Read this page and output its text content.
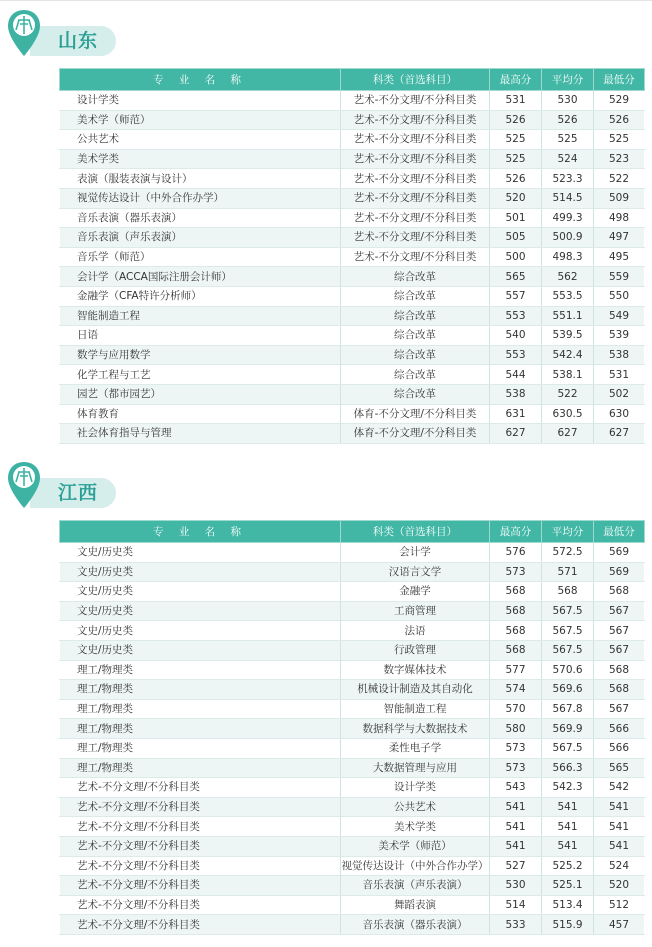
山东
专 业 名 称	科类（首选科目）	最高分	平均分	最低分
设计学类	艺术-不分文理/不分科目类	531	530	529
美术学（师范）	艺术-不分文理/不分科目类	526	526	526
公共艺术	艺术-不分文理/不分科目类	525	525	525
美术学类	艺术-不分文理/不分科目类	525	524	523
表演（服装表演与设计）	艺术-不分文理/不分科目类	526	523.3	522
视觉传达设计（中外合作办学）	艺术-不分文理/不分科目类	520	514.5	509
音乐表演（器乐表演）	艺术-不分文理/不分科目类	501	499.3	498
音乐表演（声乐表演）	艺术-不分文理/不分科目类	505	500.9	497
音乐学（师范）	艺术-不分文理/不分科目类	500	498.3	495
会计学（ACCA国际注册会计师）	综合改革	565	562	559
金融学（CFA特许分析师）	综合改革	557	553.5	550
智能制造工程	综合改革	553	551.1	549
日语	综合改革	540	539.5	539
数学与应用数学	综合改革	553	542.4	538
化学工程与工艺	综合改革	544	538.1	531
园艺（都市园艺）	综合改革	538	522	502
体育教育	体育-不分文理/不分科目类	631	630.5	630
社会体育指导与管理	体育-不分文理/不分科目类	627	627	627
江西
专 业 名 称	科类（首选科目）	最高分	平均分	最低分
文史/历史类	会计学	576	572.5	569
文史/历史类	汉语言文学	573	571	569
文史/历史类	金融学	568	568	568
文史/历史类	工商管理	568	567.5	567
文史/历史类	法语	568	567.5	567
文史/历史类	行政管理	568	567.5	567
理工/物理类	数字媒体技术	577	570.6	568
理工/物理类	机械设计制造及其自动化	574	569.6	568
理工/物理类	智能制造工程	570	567.8	567
理工/物理类	数据科学与大数据技术	580	569.9	566
理工/物理类	柔性电子学	573	567.5	566
理工/物理类	大数据管理与应用	573	566.3	565
艺术-不分文理/不分科目类	设计学类	543	542.3	542
艺术-不分文理/不分科目类	公共艺术	541	541	541
艺术-不分文理/不分科目类	美术学类	541	541	541
艺术-不分文理/不分科目类	美术学（师范）	541	541	541
艺术-不分文理/不分科目类	视觉传达设计（中外合作办学）	527	525.2	524
艺术-不分文理/不分科目类	音乐表演（声乐表演）	530	525.1	520
艺术-不分文理/不分科目类	舞蹈表演	514	513.4	512
艺术-不分文理/不分科目类	音乐表演（器乐表演）	533	515.9	457
